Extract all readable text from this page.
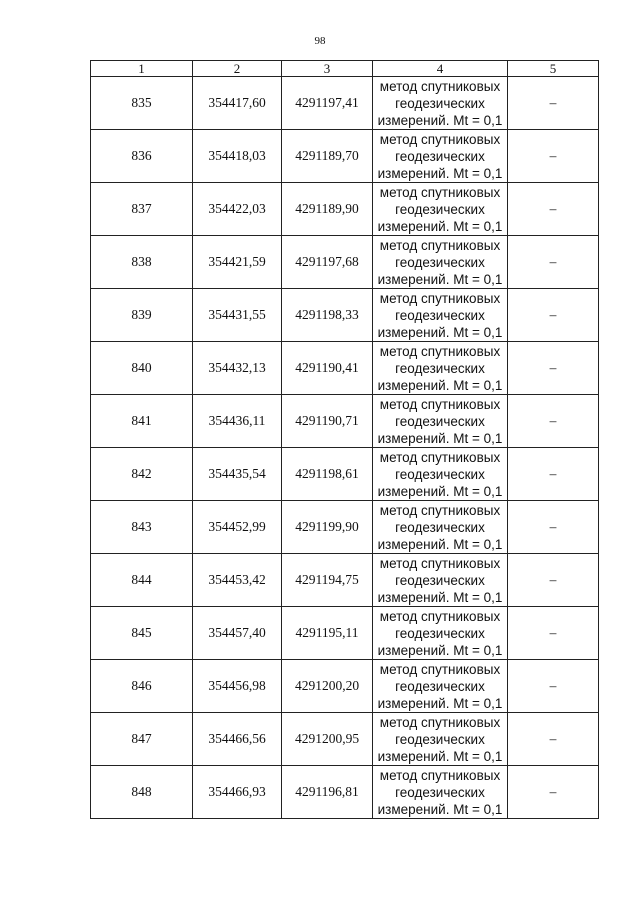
98
1	2	3	4	5
835	354417,60	4291197,41	метод спутниковых
геодезических
измерений. Mt = 0,1	–
836	354418,03	4291189,70	метод спутниковых
геодезических
измерений. Mt = 0,1	–
837	354422,03	4291189,90	метод спутниковых
геодезических
измерений. Mt = 0,1	–
838	354421,59	4291197,68	метод спутниковых
геодезических
измерений. Mt = 0,1	–
839	354431,55	4291198,33	метод спутниковых
геодезических
измерений. Mt = 0,1	–
840	354432,13	4291190,41	метод спутниковых
геодезических
измерений. Mt = 0,1	–
841	354436,11	4291190,71	метод спутниковых
геодезических
измерений. Mt = 0,1	–
842	354435,54	4291198,61	метод спутниковых
геодезических
измерений. Mt = 0,1	–
843	354452,99	4291199,90	метод спутниковых
геодезических
измерений. Mt = 0,1	–
844	354453,42	4291194,75	метод спутниковых
геодезических
измерений. Mt = 0,1	–
845	354457,40	4291195,11	метод спутниковых
геодезических
измерений. Mt = 0,1	–
846	354456,98	4291200,20	метод спутниковых
геодезических
измерений. Mt = 0,1	–
847	354466,56	4291200,95	метод спутниковых
геодезических
измерений. Mt = 0,1	–
848	354466,93	4291196,81	метод спутниковых
геодезических
измерений. Mt = 0,1	–
